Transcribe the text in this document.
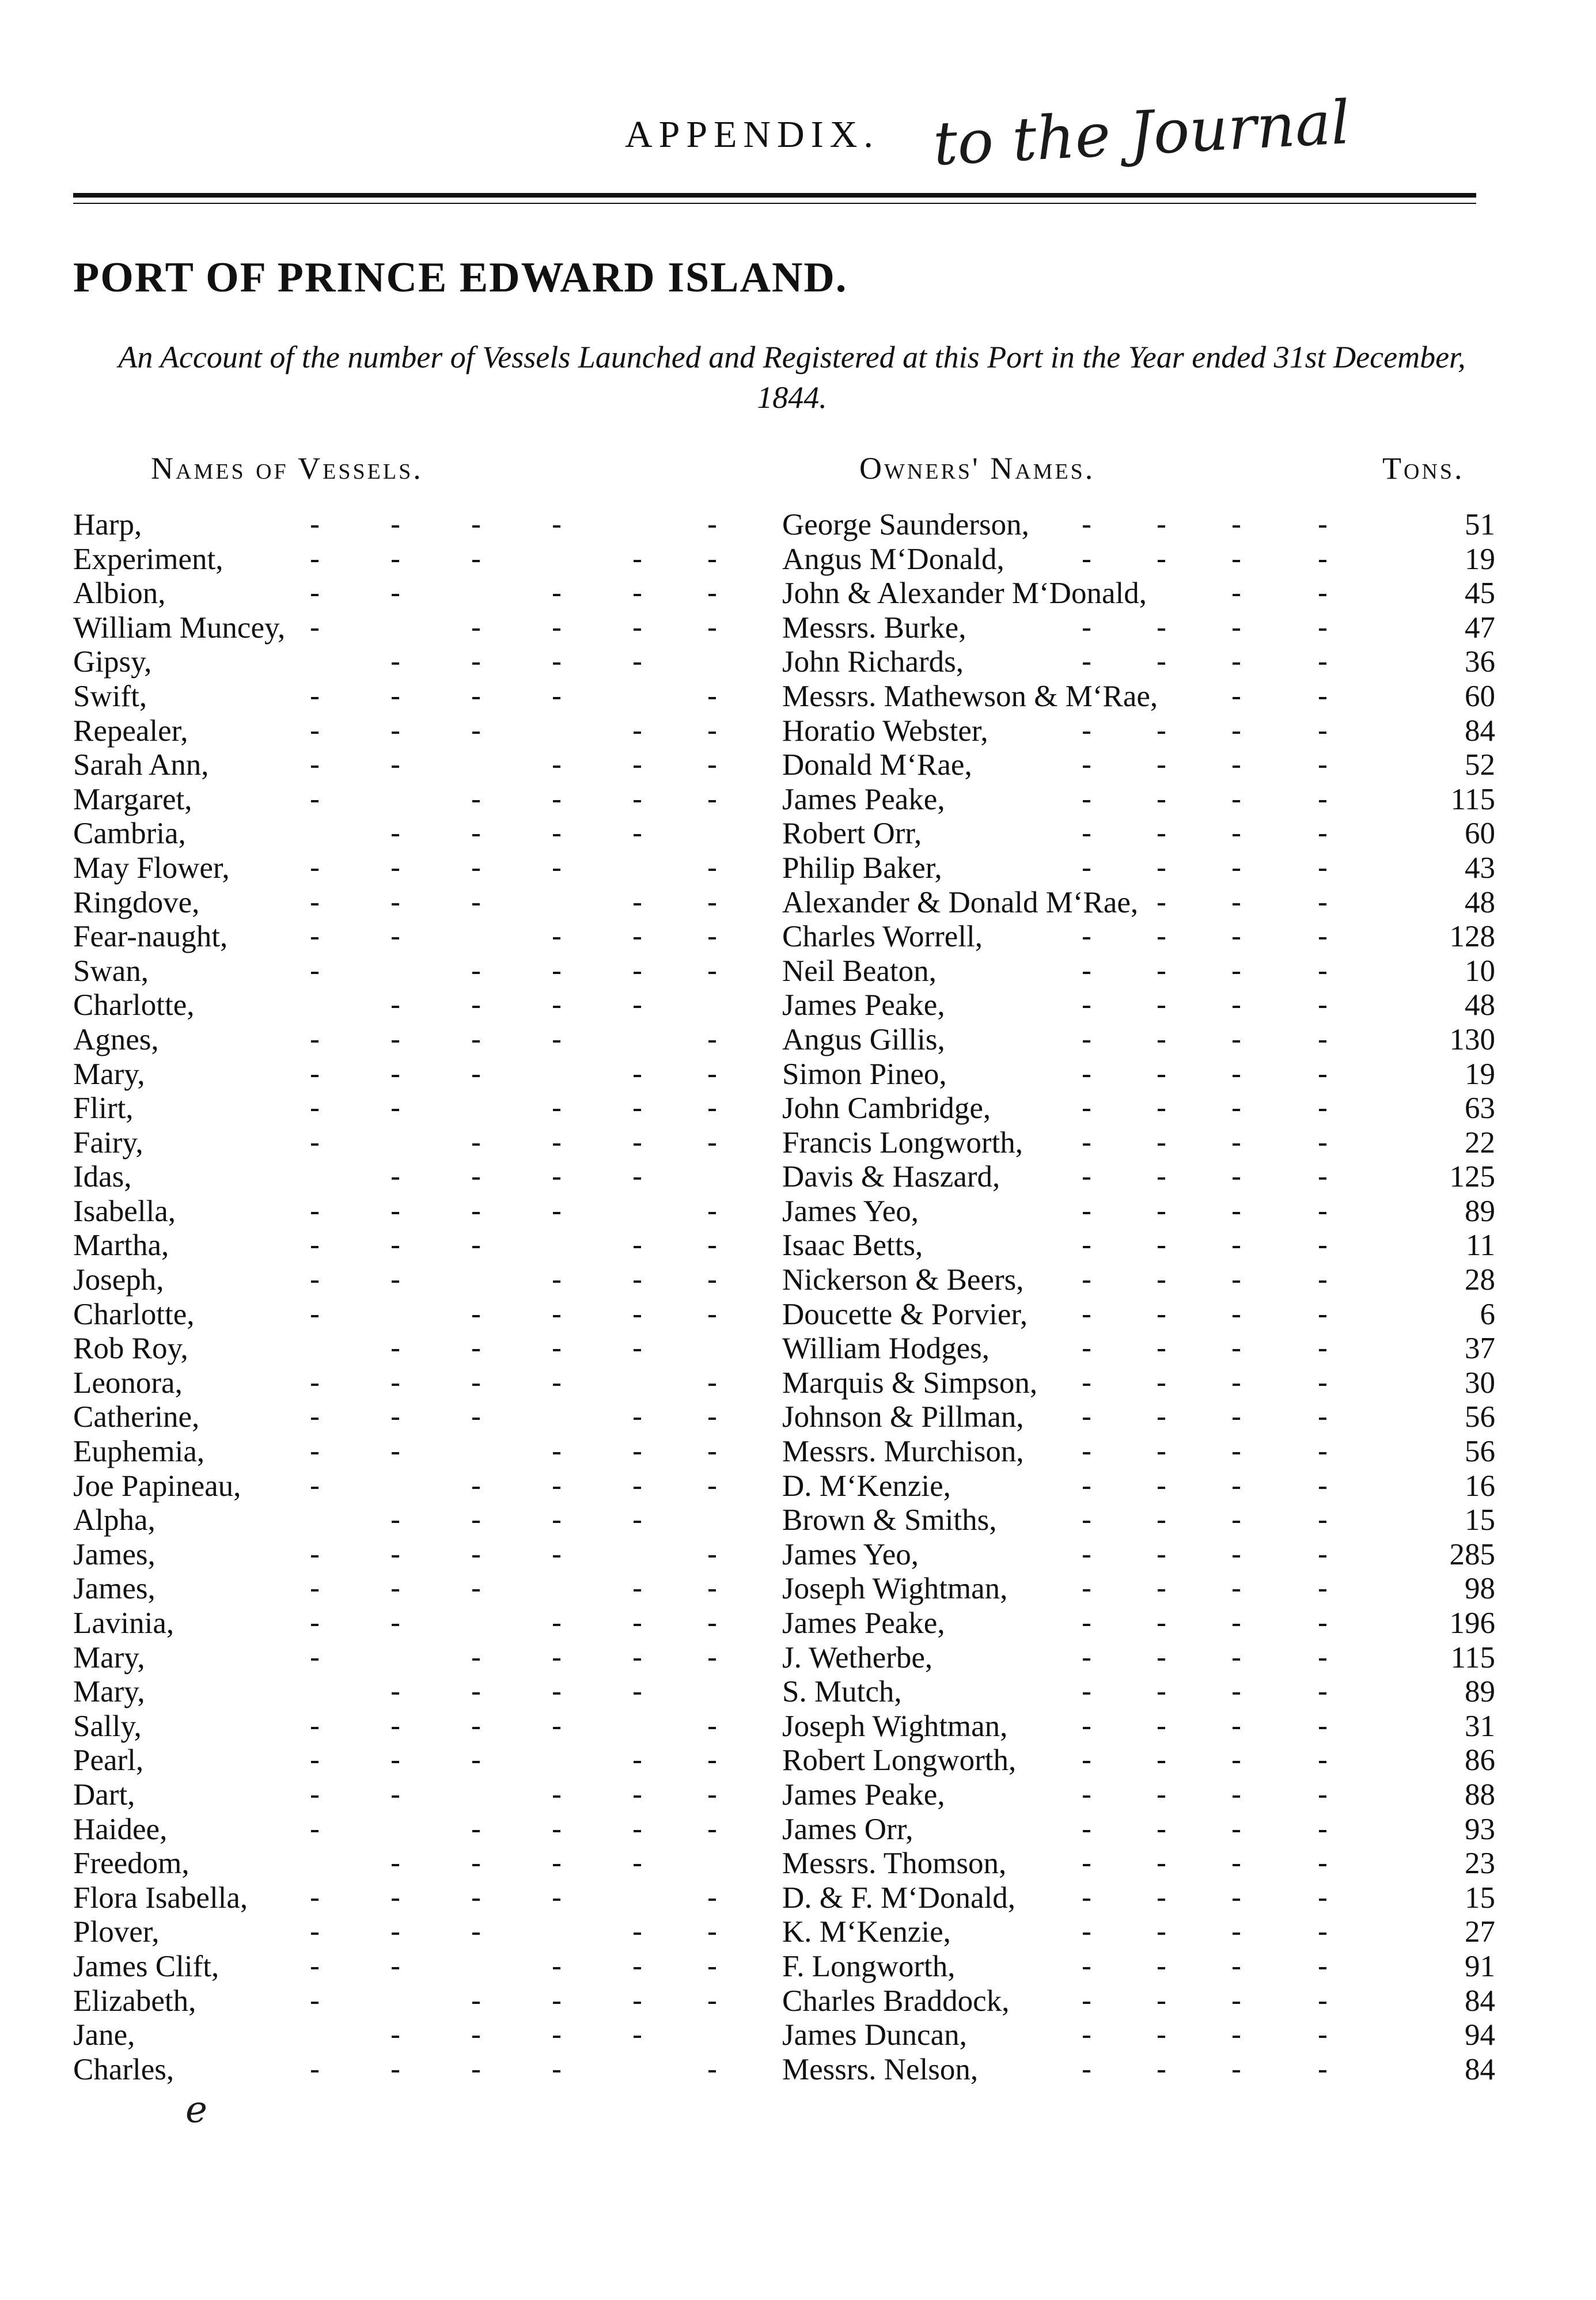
APPENDIX. to the Journal
PORT OF PRINCE EDWARD ISLAND.
An Account of the number of Vessels Launched and Registered at this Port in the Year ended 31st December, 1844.
Names of Vessels.	Owners' Names.	Tons.
Harp,	George Saunderson,	51
Experiment,	Angus M‘Donald,	19
Albion,	John & Alexander M‘Donald,	45
William Muncey,	Messrs. Burke,	47
Gipsy,	John Richards,	36
Swift,	Messrs. Mathewson & M‘Rae,	60
Repealer,	Horatio Webster,	84
Sarah Ann,	Donald M‘Rae,	52
Margaret,	James Peake,	115
Cambria,	Robert Orr,	60
May Flower,	Philip Baker,	43
Ringdove,	Alexander & Donald M‘Rae,	48
Fear-naught,	Charles Worrell,	128
Swan,	Neil Beaton,	10
Charlotte,	James Peake,	48
Agnes,	Angus Gillis,	130
Mary,	Simon Pineo,	19
Flirt,	John Cambridge,	63
Fairy,	Francis Longworth,	22
Idas,	Davis & Haszard,	125
Isabella,	James Yeo,	89
Martha,	Isaac Betts,	11
Joseph,	Nickerson & Beers,	28
Charlotte,	Doucette & Porvier,	6
Rob Roy,	William Hodges,	37
Leonora,	Marquis & Simpson,	30
Catherine,	Johnson & Pillman,	56
Euphemia,	Messrs. Murchison,	56
Joe Papineau,	D. M‘Kenzie,	16
Alpha,	Brown & Smiths,	15
James,	James Yeo,	285
James,	Joseph Wightman,	98
Lavinia,	James Peake,	196
Mary,	J. Wetherbe,	115
Mary,	S. Mutch,	89
Sally,	Joseph Wightman,	31
Pearl,	Robert Longworth,	86
Dart,	James Peake,	88
Haidee,	James Orr,	93
Freedom,	Messrs. Thomson,	23
Flora Isabella,	D. & F. M‘Donald,	15
Plover,	K. M‘Kenzie,	27
James Clift,	F. Longworth,	91
Elizabeth,	Charles Braddock,	84
Jane,	James Duncan,	94
Charles,	Messrs. Nelson,	84
e
